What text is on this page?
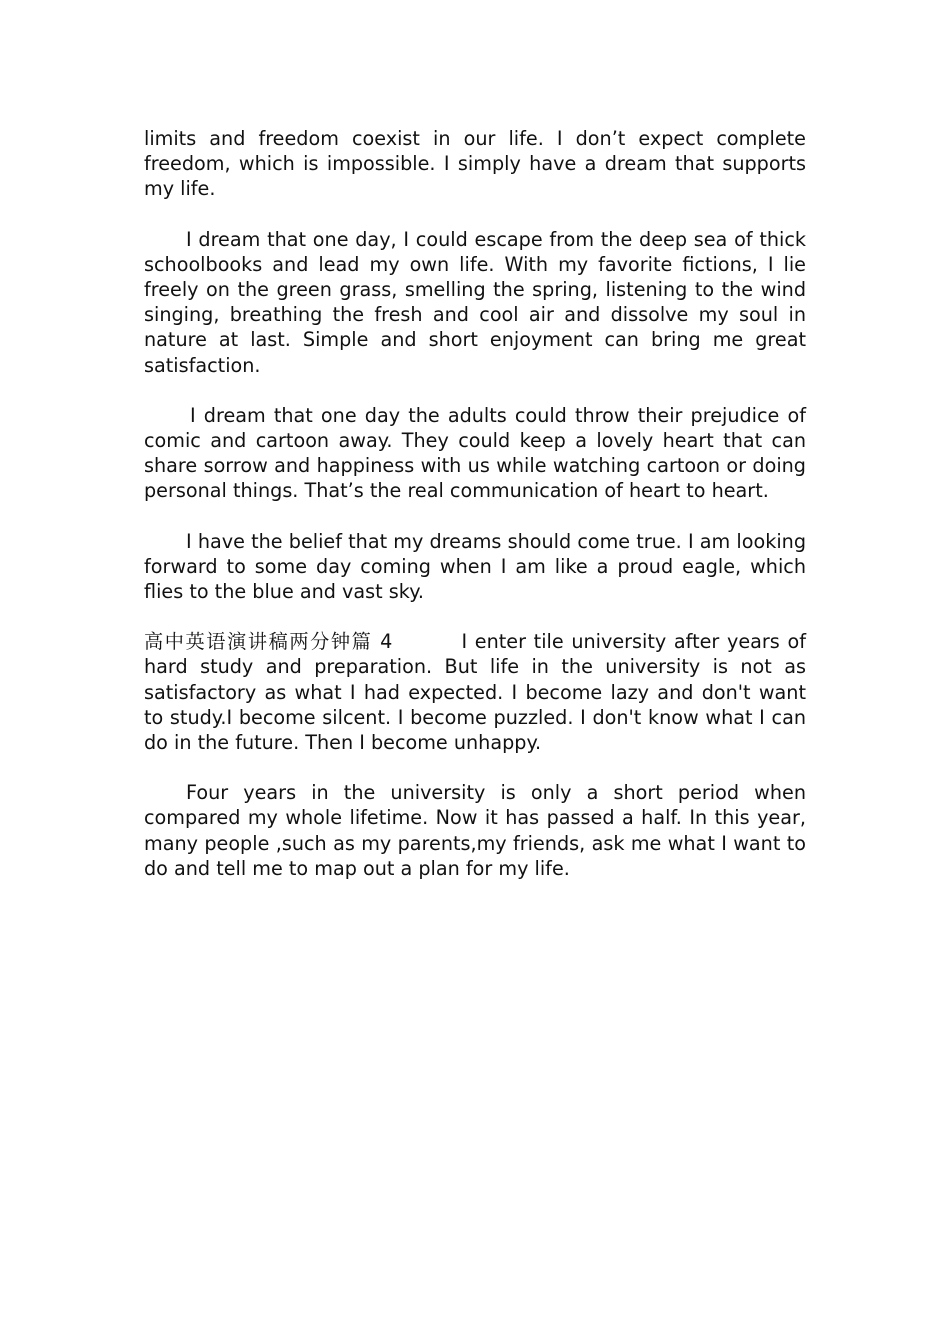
limits and freedom coexist in our life. I don’t expect complete freedom, which is impossible. I simply have a dream that supports my life.

I dream that one day, I could escape from the deep sea of thick schoolbooks and lead my own life. With my favorite fictions, I lie freely on the green grass, smelling the spring, listening to the wind singing, breathing the fresh and cool air and dissolve my soul in nature at last. Simple and short enjoyment can bring me great satisfaction.

I dream that one day the adults could throw their prejudice of comic and cartoon away. They could keep a lovely heart that can share sorrow and happiness with us while watching cartoon or doing personal things. That’s the real communication of heart to heart.

I have the belief that my dreams should come true. I am looking forward to some day coming when I am like a proud eagle, which flies to the blue and vast sky.

高中英语演讲稿两分钟篇 4	I enter tile university after years of hard study and preparation. But life in the university is not as satisfactory as what I had expected. I become lazy and don't want to study.I become silcent. I become puzzled. I don't know what I can do in the future. Then I become unhappy.

Four years in the university is only a short period when compared my whole lifetime. Now it has passed a half. In this year, many people ,such as my parents,my friends, ask me what I want to do and tell me to map out a plan for my life.
